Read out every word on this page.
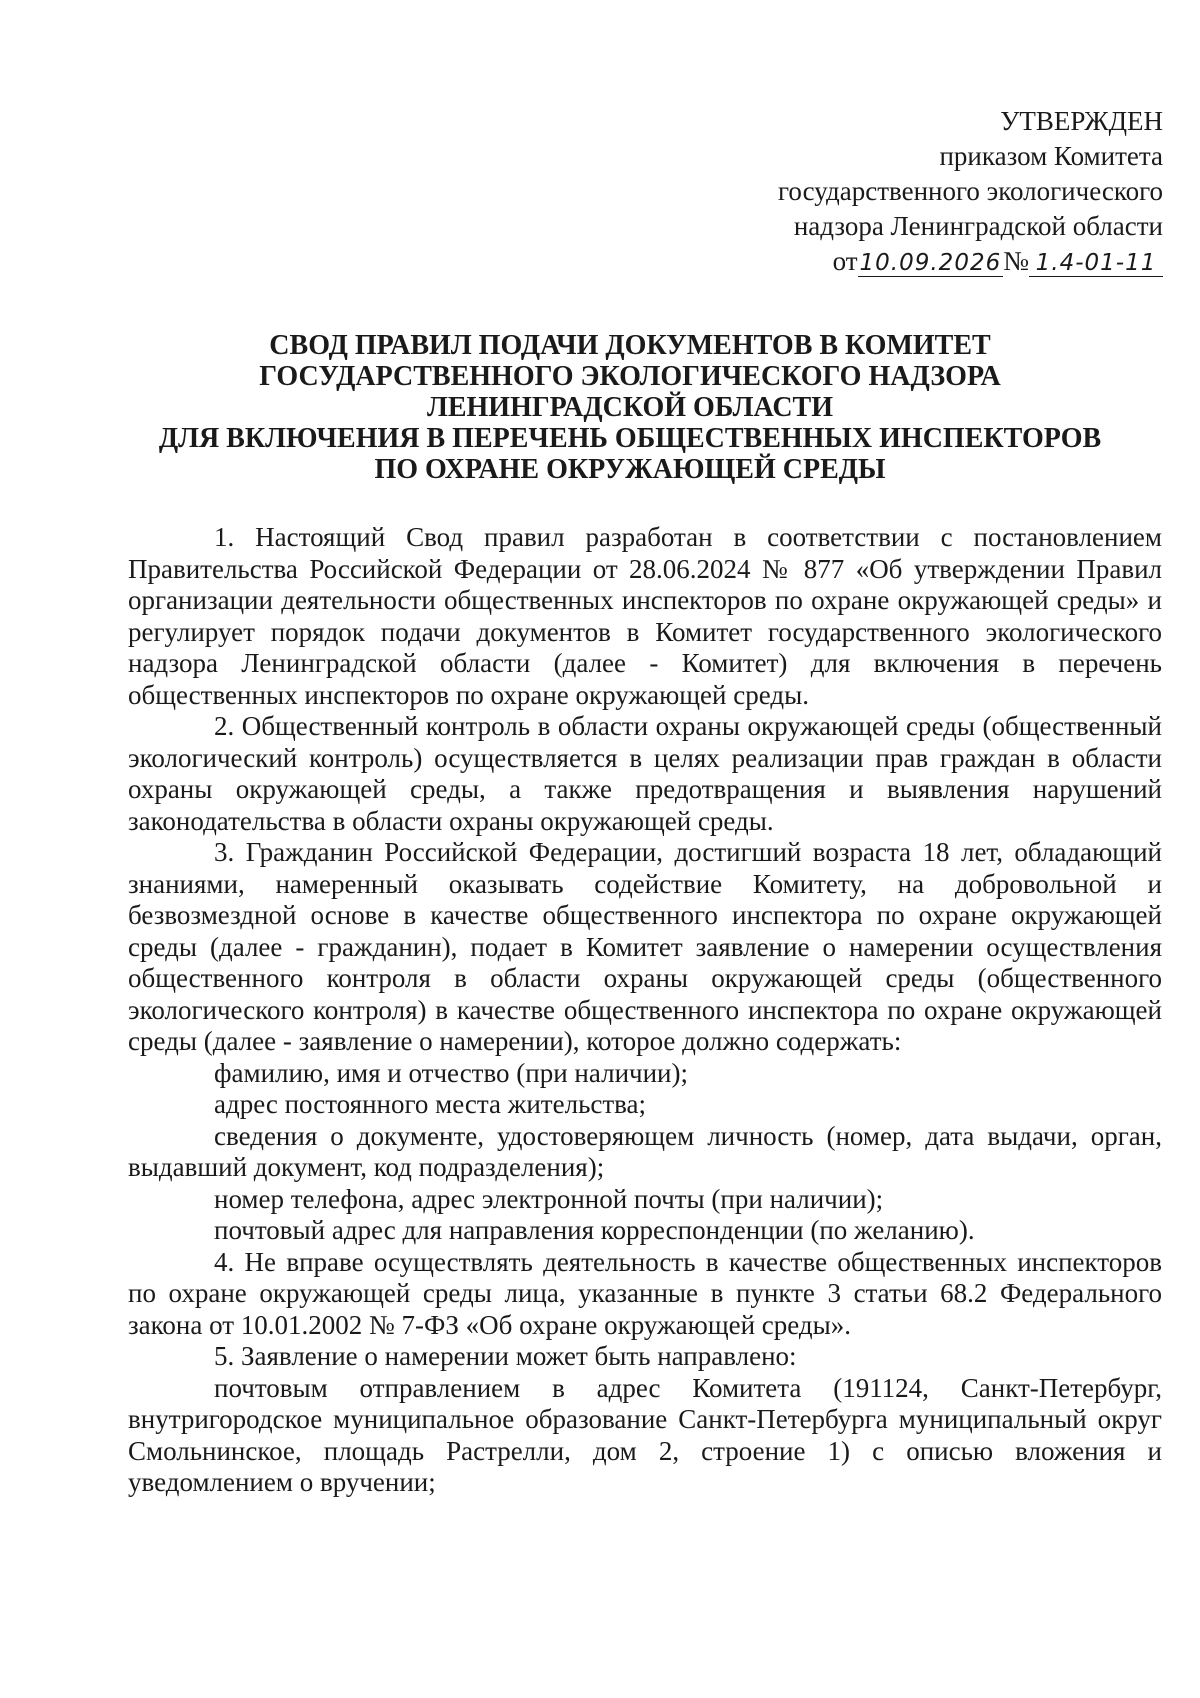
УТВЕРЖДЕН
приказом Комитета
государственного экологического
надзора Ленинградской области
от10.09.2026№ 1.4-01-11
СВОД ПРАВИЛ ПОДАЧИ ДОКУМЕНТОВ В КОМИТЕТ
ГОСУДАРСТВЕННОГО ЭКОЛОГИЧЕСКОГО НАДЗОРА
ЛЕНИНГРАДСКОЙ ОБЛАСТИ
ДЛЯ ВКЛЮЧЕНИЯ В ПЕРЕЧЕНЬ ОБЩЕСТВЕННЫХ ИНСПЕКТОРОВ
ПО ОХРАНЕ ОКРУЖАЮЩЕЙ СРЕДЫ

1. Настоящий Свод правил разработан в соответствии с постановлением Правительства Российской Федерации от 28.06.2024 № 877 «Об утверждении Правил организации деятельности общественных инспекторов по охране окружающей среды» и регулирует порядок подачи документов в Комитет государственного экологического надзора Ленинградской области (далее - Комитет) для включения в перечень общественных инспекторов по охране окружающей среды.

2. Общественный контроль в области охраны окружающей среды (общественный экологический контроль) осуществляется в целях реализации прав граждан в области охраны окружающей среды, а также предотвращения и выявления нарушений законодательства в области охраны окружающей среды.

3. Гражданин Российской Федерации, достигший возраста 18 лет, обладающий знаниями, намеренный оказывать содействие Комитету, на добровольной и безвозмездной основе в качестве общественного инспектора по охране окружающей среды (далее - гражданин), подает в Комитет заявление о намерении осуществления общественного контроля в области охраны окружающей среды (общественного экологического контроля) в качестве общественного инспектора по охране окружающей среды (далее - заявление о намерении), которое должно содержать:

фамилию, имя и отчество (при наличии);

адрес постоянного места жительства;

сведения о документе, удостоверяющем личность (номер, дата выдачи, орган, выдавший документ, код подразделения);

номер телефона, адрес электронной почты (при наличии);

почтовый адрес для направления корреспонденции (по желанию).

4. Не вправе осуществлять деятельность в качестве общественных инспекторов по охране окружающей среды лица, указанные в пункте 3 статьи 68.2 Федерального закона от 10.01.2002 № 7-ФЗ «Об охране окружающей среды».

5. Заявление о намерении может быть направлено:

почтовым отправлением в адрес Комитета (191124, Санкт-Петербург, внутригородское муниципальное образование Санкт-Петербурга муниципальный округ Смольнинское, площадь Растрелли, дом 2, строение 1) с описью вложения и уведомлением о вручении;
